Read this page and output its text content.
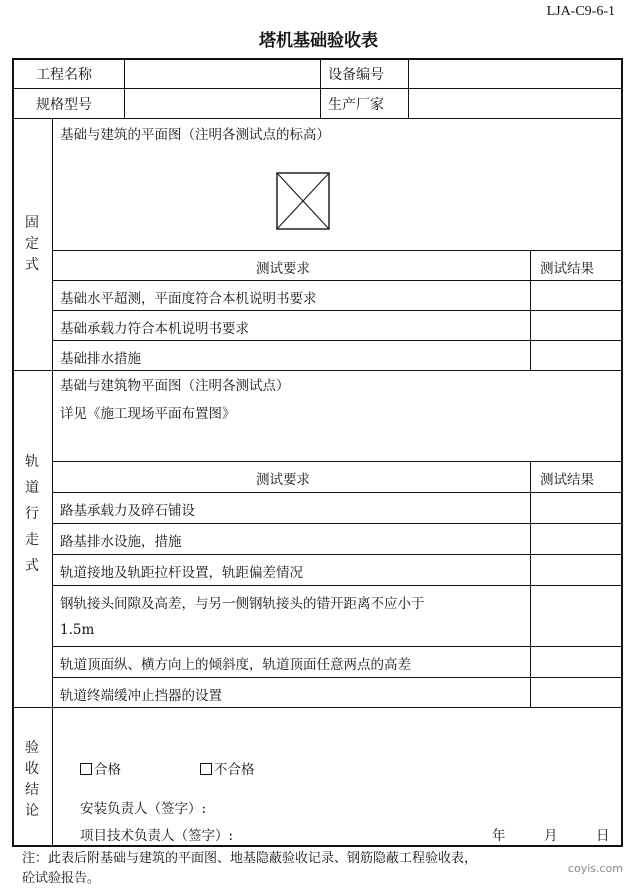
LJA-C9-6-1
塔机基础验收表
工程名称	设备编号
规格型号	生产厂家
固
定
式
基础与建筑的平面图（注明各测试点的标高）
测试要求	测试结果
基础水平超测，平面度符合本机说明书要求
基础承载力符合本机说明书要求
基础排水措施
轨
道
行
走
式
基础与建筑物平面图（注明各测试点）
详见《施工现场平面布置图》
测试要求	测试结果
路基承载力及碎石铺设
路基排水设施，措施
轨道接地及轨距拉杆设置，轨距偏差情况
钢轨接头间隙及高差，与另一侧钢轨接头的错开距离不应小于
1.5m
轨道顶面纵、横方向上的倾斜度，轨道顶面任意两点的高差
轨道终端缓冲止挡器的设置
验
收
结
论
合格	不合格
安装负责人（签字）:
项目技术负责人（签字）:	年	月	日
注：此表后附基础与建筑的平面图、地基隐蔽验收记录、钢筋隐蔽工程验收表，
砼试验报告。
coyis.com
